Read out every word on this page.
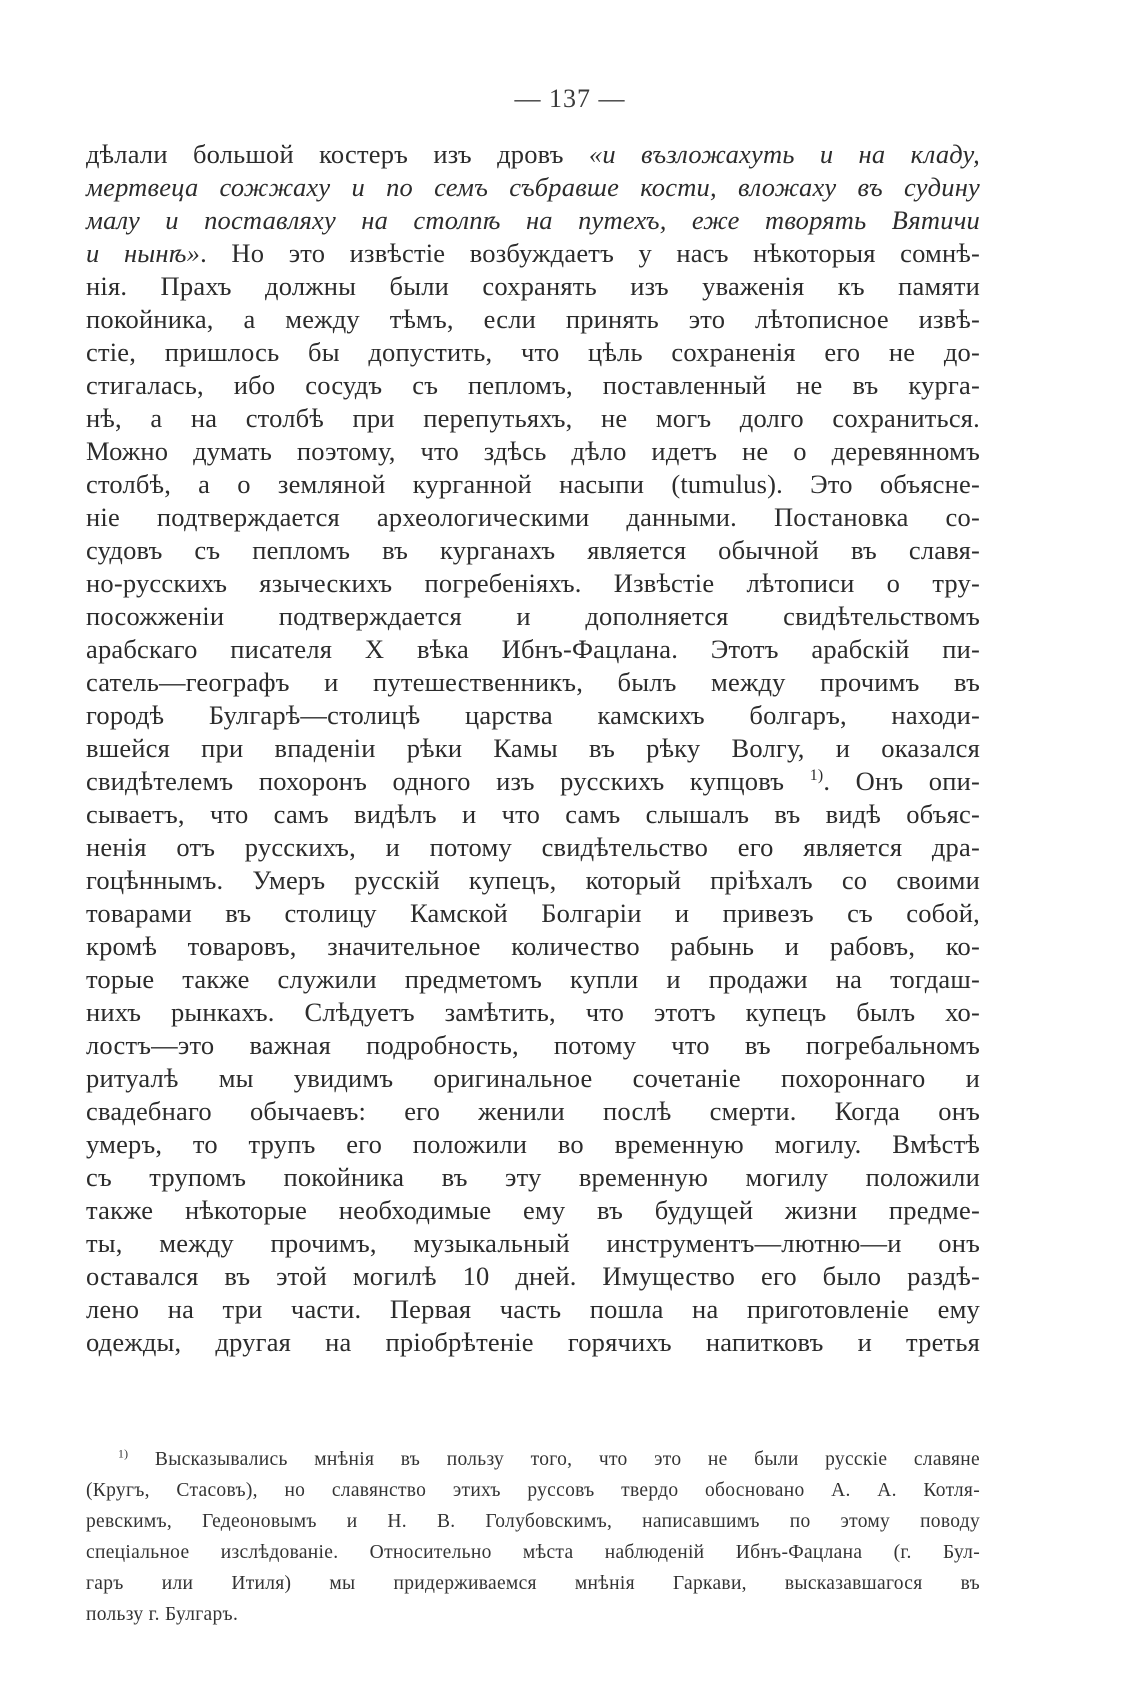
— 137 —
дѣлали большой костеръ изъ дровъ «и възложахуть и на кладу,
мертвеца сожжаху и по семъ събравше кости, вложаху въ судину
малу и поставляху на столпѣ на путехъ, еже творять Вятичи
и нынѣ». Но это извѣстіе возбуждаетъ у насъ нѣкоторыя сомнѣ-
нія. Прахъ должны были сохранять изъ уваженія къ памяти
покойника, а между тѣмъ, если принять это лѣтописное извѣ-
стіе, пришлось бы допустить, что цѣль сохраненія его не до-
стигалась, ибо сосудъ съ пепломъ, поставленный не въ курга-
нѣ, а на столбѣ при перепутьяхъ, не могъ долго сохраниться.
Можно думать поэтому, что здѣсь дѣло идетъ не о деревянномъ
столбѣ, а о земляной курганной насыпи (tumulus). Это объясне-
ніе подтверждается археологическими данными. Постановка со-
судовъ съ пепломъ въ курганахъ является обычной въ славя-
но-русскихъ языческихъ погребеніяхъ. Извѣстіе лѣтописи о тру-
посожженіи подтверждается и дополняется свидѣтельствомъ
арабскаго писателя X вѣка Ибнъ-Фацлана. Этотъ арабскій пи-
сатель—географъ и путешественникъ, былъ между прочимъ въ
городѣ Булгарѣ—столицѣ царства камскихъ болгаръ, находи-
вшейся при впаденіи рѣки Камы въ рѣку Волгу, и оказался
свидѣтелемъ похоронъ одного изъ русскихъ купцовъ $^{1)}$. Онъ опи-
сываетъ, что самъ видѣлъ и что самъ слышалъ въ видѣ объяс-
ненія отъ русскихъ, и потому свидѣтельство его является дра-
гоцѣннымъ. Умеръ русскій купецъ, который пріѣхалъ со своими
товарами въ столицу Камской Болгаріи и привезъ съ собой,
кромѣ товаровъ, значительное количество рабынь и рабовъ, ко-
торые также служили предметомъ купли и продажи на тогдаш-
нихъ рынкахъ. Слѣдуетъ замѣтить, что этотъ купецъ былъ хо-
лостъ—это важная подробность, потому что въ погребальномъ
ритуалѣ мы увидимъ оригинальное сочетаніе похороннаго и
свадебнаго обычаевъ: его женили послѣ смерти. Когда онъ
умеръ, то трупъ его положили во временную могилу. Вмѣстѣ
съ трупомъ покойника въ эту временную могилу положили
также нѣкоторые необходимые ему въ будущей жизни предме-
ты, между прочимъ, музыкальный инструментъ—лютню—и онъ
оставался въ этой могилѣ 10 дней. Имущество его было раздѣ-
лено на три части. Первая часть пошла на приготовленіе ему
одежды, другая на пріобрѣтеніе горячихъ напитковъ и третья
$^{1)}$ Высказывались мнѣнія въ пользу того, что это не были русскіе славяне
(Кругъ, Стасовъ), но славянство этихъ руссовъ твердо обосновано А. А. Котля-
ревскимъ, Гедеоновымъ и Н. В. Голубовскимъ, написавшимъ по этому поводу
спеціальное изслѣдованіе. Относительно мѣста наблюденій Ибнъ-Фацлана (г. Бул-
гаръ или Итиля) мы придерживаемся мнѣнія Гаркави, высказавшагося въ
пользу г. Булгаръ.
